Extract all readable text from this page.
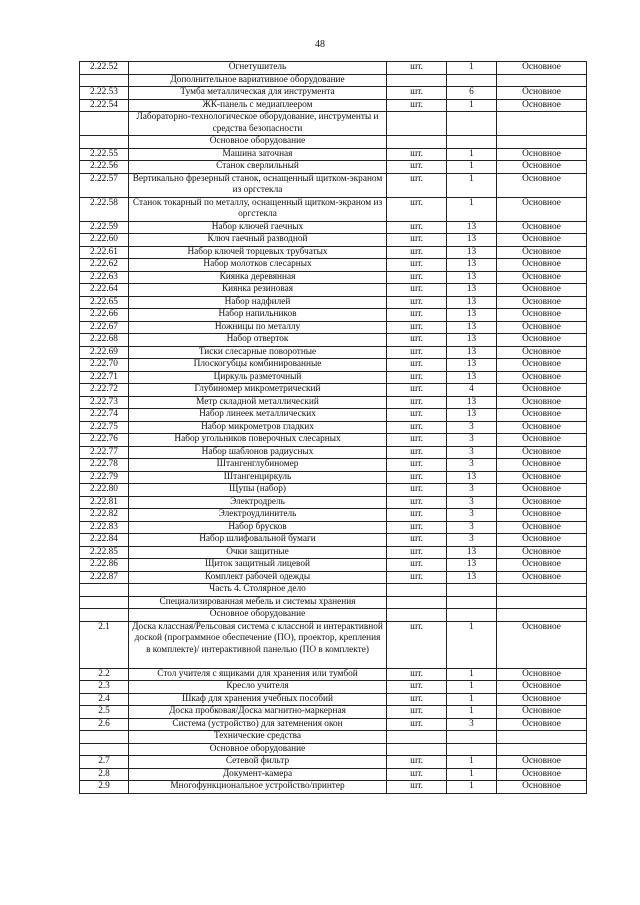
48
2.22.52	Огнетушитель	шт.	1	Основное
	Дополнительное вариативное оборудование			
2.22.53	Тумба металлическая для инструмента	шт.	6	Основное
2.22.54	ЖК-панель с медиаплеером	шт.	1	Основное
	Лабораторно-технологическое оборудование, инструменты и средства безопасности			
	Основное оборудование			
2.22.55	Машина заточная	шт.	1	Основное
2.22.56	Станок сверлильный	шт.	1	Основное
2.22.57	Вертикально фрезерный станок, оснащенный щитком-экраном из оргстекла	шт.	1	Основное
2.22.58	Станок токарный по металлу, оснащенный щитком-экраном из оргстекла	шт.	1	Основное
2.22.59	Набор ключей гаечных	шт.	13	Основное
2.22.60	Ключ гаечный разводной	шт.	13	Основное
2.22.61	Набор ключей торцевых трубчатых	шт.	13	Основное
2.22.62	Набор молотков слесарных	шт.	13	Основное
2.22.63	Киянка деревянная	шт.	13	Основное
2.22.64	Киянка резиновая	шт.	13	Основное
2.22.65	Набор надфилей	шт.	13	Основное
2.22.66	Набор напильников	шт.	13	Основное
2.22.67	Ножницы по металлу	шт.	13	Основное
2.22.68	Набор отверток	шт.	13	Основное
2.22.69	Тиски слесарные поворотные	шт.	13	Основное
2.22.70	Плоскогубцы комбинированные	шт.	13	Основное
2.22.71	Циркуль разметочный	шт.	13	Основное
2.22.72	Глубиномер микрометрический	шт.	4	Основное
2.22.73	Метр складной металлический	шт.	13	Основное
2.22.74	Набор линеек металлических	шт.	13	Основное
2.22.75	Набор микрометров гладких	шт.	3	Основное
2.22.76	Набор угольников поверочных слесарных	шт.	3	Основное
2.22.77	Набор шаблонов радиусных	шт.	3	Основное
2.22.78	Штангенглубиномер	шт.	3	Основное
2.22.79	Штангенциркуль	шт.	13	Основное
2.22.80	Щупы (набор)	шт.	3	Основное
2.22.81	Электродрель	шт.	3	Основное
2.22.82	Электроудлинитель	шт.	3	Основное
2.22.83	Набор брусков	шт.	3	Основное
2.22.84	Набор шлифовальной бумаги	шт.	3	Основное
2.22.85	Очки защитные	шт.	13	Основное
2.22.86	Щиток защитный лицевой	шт.	13	Основное
2.22.87	Комплект рабочей одежды	шт.	13	Основное
	Часть 4. Столярное дело			
	Специализированная мебель и системы хранения			
	Основное оборудование			
2.1	Доска классная/Рельсовая система с классной и интерактивной доской (программное обеспечение (ПО), проектор, крепления в комплекте)/ интерактивной панелью (ПО в комплекте)	шт.	1	Основное
2.2	Стол учителя с ящиками для хранения или тумбой	шт.	1	Основное
2.3	Кресло учителя	шт.	1	Основное
2.4	Шкаф для хранения учебных пособий	шт.	1	Основное
2.5	Доска пробковая/Доска магнитно-маркерная	шт.	1	Основное
2.6	Система (устройство) для затемнения окон	шт.	3	Основное
	Технические средства			
	Основное оборудование			
2.7	Сетевой фильтр	шт.	1	Основное
2.8	Документ-камера	шт.	1	Основное
2.9	Многофункциональное устройство/принтер	шт.	1	Основное
